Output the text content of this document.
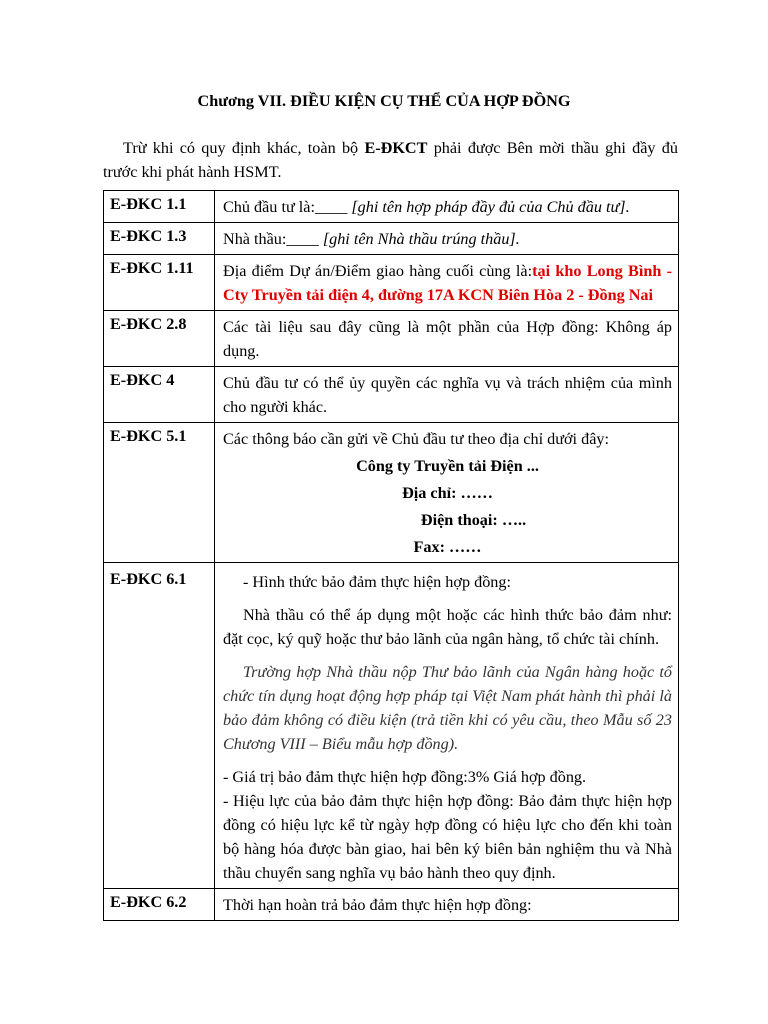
Chương VII. ĐIỀU KIỆN CỤ THỂ CỦA HỢP ĐỒNG

Trừ khi có quy định khác, toàn bộ E-ĐKCT phải được Bên mời thầu ghi đầy đủ trước khi phát hành HSMT.

E-ĐKC 1.1	Chủ đầu tư là:____ [ghi tên hợp pháp đầy đủ của Chủ đầu tư].
E-ĐKC 1.3	Nhà thầu:____ [ghi tên Nhà thầu trúng thầu].
E-ĐKC 1.11	Địa điểm Dự án/Điểm giao hàng cuối cùng là:tại kho Long Bình - Cty Truyền tải điện 4, đường 17A KCN Biên Hòa 2 - Đồng Nai
E-ĐKC 2.8	Các tài liệu sau đây cũng là một phần của Hợp đồng: Không áp dụng.
E-ĐKC 4	Chủ đầu tư có thể ủy quyền các nghĩa vụ và trách nhiệm của mình cho người khác.
E-ĐKC 5.1	Các thông báo cần gửi về Chủ đầu tư theo địa chỉ dưới đây:
Công ty Truyền tải Điện ...
Địa chỉ: ……
Điện thoại: …..
Fax: ……

E-ĐKC 6.1	- Hình thức bảo đảm thực hiện hợp đồng:

Nhà thầu có thể áp dụng một hoặc các hình thức bảo đảm như: đặt cọc, ký quỹ hoặc thư bảo lãnh của ngân hàng, tổ chức tài chính.

Trường hợp Nhà thầu nộp Thư bảo lãnh của Ngân hàng hoặc tổ chức tín dụng hoạt động hợp pháp tại Việt Nam phát hành thì phải là bảo đảm không có điều kiện (trả tiền khi có yêu cầu, theo Mẫu số 23 Chương VIII – Biểu mẫu hợp đồng).

- Giá trị bảo đảm thực hiện hợp đồng:3% Giá hợp đồng.

- Hiệu lực của bảo đảm thực hiện hợp đồng: Bảo đảm thực hiện hợp đồng có hiệu lực kể từ ngày hợp đồng có hiệu lực cho đến khi toàn bộ hàng hóa được bàn giao, hai bên ký biên bản nghiệm thu và Nhà thầu chuyển sang nghĩa vụ bảo hành theo quy định.

E-ĐKC 6.2	Thời hạn hoàn trả bảo đảm thực hiện hợp đồng:
